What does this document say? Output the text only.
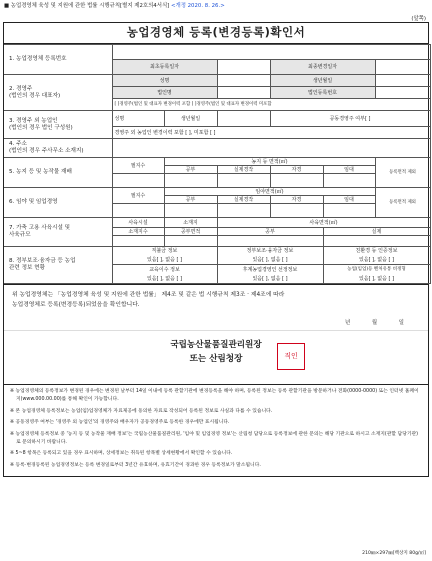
■ 농업경영체 육성 및 지원에 관한 법률 시행규칙[별지 제2호의4서식] <개정 2020. 8. 26.>
(앞쪽)
농업경영체 등록(변경등록)확인서
1. 농업경영체 등록번호						
	최초등록일자			최종변경일자		

2. 경영주
(법인의 경우 대표자)	성명			생년월일		
	법인명			법인등록번호		
	[ ]경영주(법인 및 대표자 변경이력 포함 [ ]경영주(법인 및 대표자 변경이력 미포함					

3. 경영주 외 농업인
(법인의 경우 법인 구성원)	성명	생년월일		공동경영주 여부[ ]		
	경영주 외 농업인 변경이력 포함 [ ], 미포함 [ ]					

4. 주소
(법인의 경우 주사무소 소재지)						

5. 농지 등 및 농작물 재배	필지수	농지 등 면적(㎡)				등록면적 제외
		공부	실제경작	자경	임대	

6. 임야 및 임업경영	필지수	임야면적(㎡)				등록면적 제외
		공부	실제경작	자경	임대	

7. 가축 고용 사육시설 및
사육규모	사육시설	소재지	사육면적(㎡)			
	소재지수	공부면적	공부		실제	

8. 정부보조·융자금 등 농업
관련 정보 현황	직불금 정보		정부보조·융자금 정보		친환경 등 인증정보	
	있음[ ], 없음 [ ]		있음[ ], 없음 [ ]		있음[ ], 없음 [ ]	
	교육이수 정보		후계농업경영인 선정정보		농업(임업)등 벤처유통 비정형	
	있음[ ], 없음 [ ]		있음[ ], 없음 [ ]		있음[ ], 없음 [ ]	

위 농업경영체는 「농업경영체 육성 및 지원에 관한 법률」 제4조 및 같은 법 시행규칙 제3조 · 제4조에 따라

농업경영체로 등록(변경등록)되었음을 확인합니다.

년 월 일
국립농산물품질관리원장
또는 산림청장	직인

※ 농업경영체의 등록정보가 변경된 경우에는 변경된 날부터 14일 이내에 등록 관할기관에 변경등록을 해야 하며, 등록된 정보는 등록 관할기관을 방문하거나 전화(0000-0000) 또는 인터넷 홈페이지(www.000.00.00)를 통해 확인이 가능합니다.

※ 본 농업경영체 등록정보는 농업(임)업경영체가 자료제공에 동의한 자료로 작성되어 등록된 정보로 사실과 다를 수 있습니다.

※ 공동경영주 여부는 '경영주 외 농업인'의 경영주와 배우자가 공동경영주로 등록한 경우에만 표시됩니다.

※ 농업경영체 등록정보 중 '농지 등 및 농작물 재배 정보'는 국립농산물품질관리원, '임야 및 임업경영 정보'는 산림청 담당으로 등록정보에 관한 문의는 해당 기관으로 하시고 소재지(관할 담당기관)로 문의하시기 바랍니다.

※ 5~8 항목은 등록되고 있을 경우 표시하며, 상세정보는 취득된 항목별 상세현황에서 확인할 수 있습니다.

※ 등록·변경등록된 농업경영정보는 등록 변경일로부터 3년간 유효하며, 유효기간이 경과한 경우 등록정보가 말소됩니다.

210㎜×297㎜[백상지 80g/㎡]
